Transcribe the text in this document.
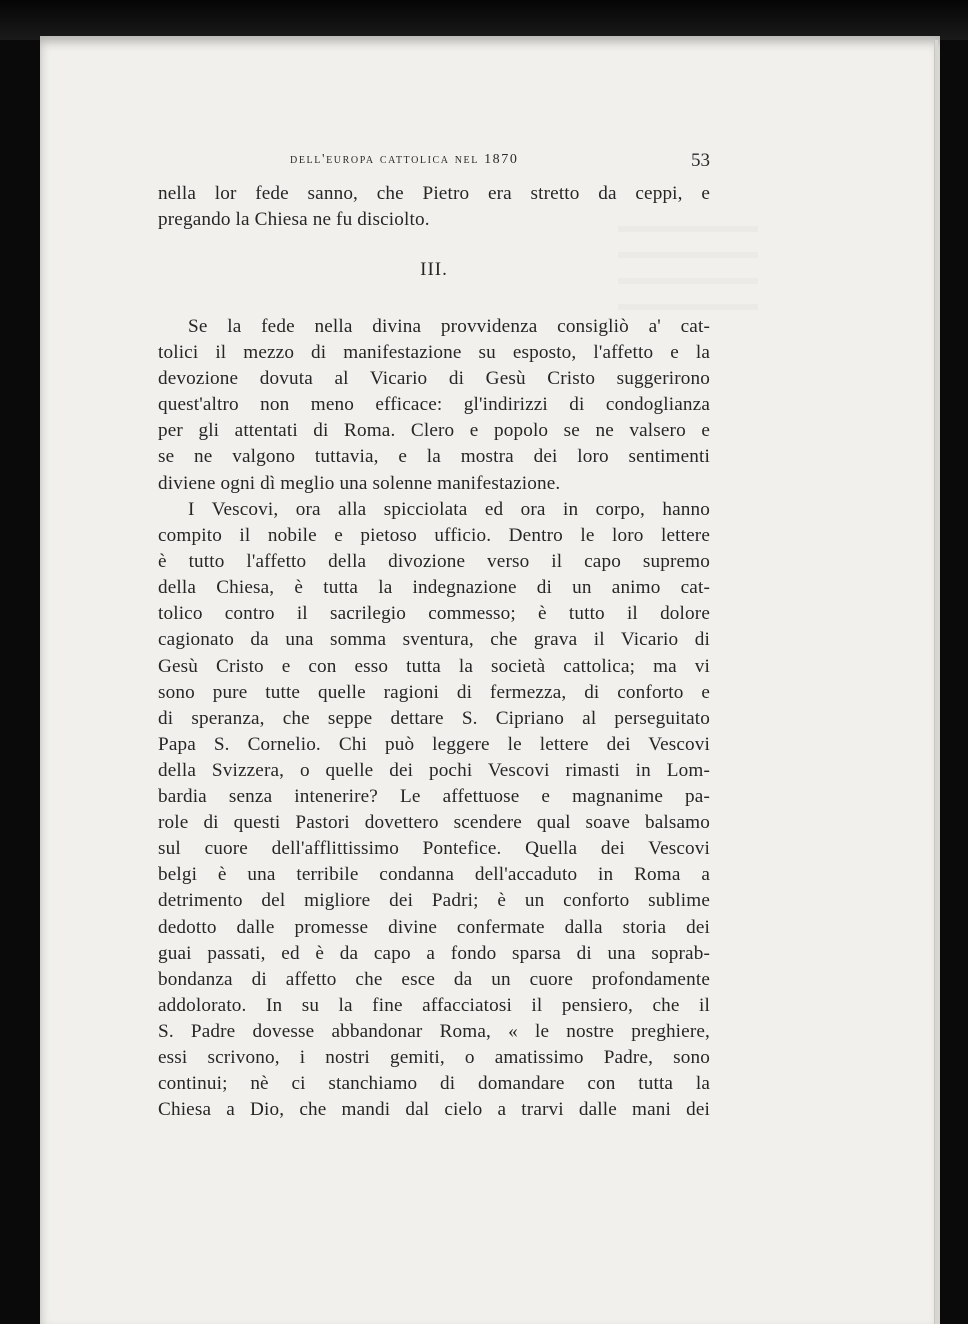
dell'europa cattolica nel 1870	53
nella lor fede sanno, che Pietro era stretto da ceppi, e
pregando la Chiesa ne fu disciolto.
III.
Se la fede nella divina provvidenza consigliò a' cat-
tolici il mezzo di manifestazione su esposto, l'affetto e la
devozione dovuta al Vicario di Gesù Cristo suggerirono
quest'altro non meno efficace: gl'indirizzi di condoglianza
per gli attentati di Roma. Clero e popolo se ne valsero e
se ne valgono tuttavia, e la mostra dei loro sentimenti
diviene ogni dì meglio una solenne manifestazione.
I Vescovi, ora alla spicciolata ed ora in corpo, hanno
compito il nobile e pietoso ufficio. Dentro le loro lettere
è tutto l'affetto della divozione verso il capo supremo
della Chiesa, è tutta la indegnazione di un animo cat-
tolico contro il sacrilegio commesso; è tutto il dolore
cagionato da una somma sventura, che grava il Vicario di
Gesù Cristo e con esso tutta la società cattolica; ma vi
sono pure tutte quelle ragioni di fermezza, di conforto e
di speranza, che seppe dettare S. Cipriano al perseguitato
Papa S. Cornelio. Chi può leggere le lettere dei Vescovi
della Svizzera, o quelle dei pochi Vescovi rimasti in Lom-
bardia senza intenerire? Le affettuose e magnanime pa-
role di questi Pastori dovettero scendere qual soave balsamo
sul cuore dell'afflittissimo Pontefice. Quella dei Vescovi
belgi è una terribile condanna dell'accaduto in Roma a
detrimento del migliore dei Padri; è un conforto sublime
dedotto dalle promesse divine confermate dalla storia dei
guai passati, ed è da capo a fondo sparsa di una soprab-
bondanza di affetto che esce da un cuore profondamente
addolorato. In su la fine affacciatosi il pensiero, che il
S. Padre dovesse abbandonar Roma, « le nostre preghiere,
essi scrivono, i nostri gemiti, o amatissimo Padre, sono
continui; nè ci stanchiamo di domandare con tutta la
Chiesa a Dio, che mandi dal cielo a trarvi dalle mani dei
